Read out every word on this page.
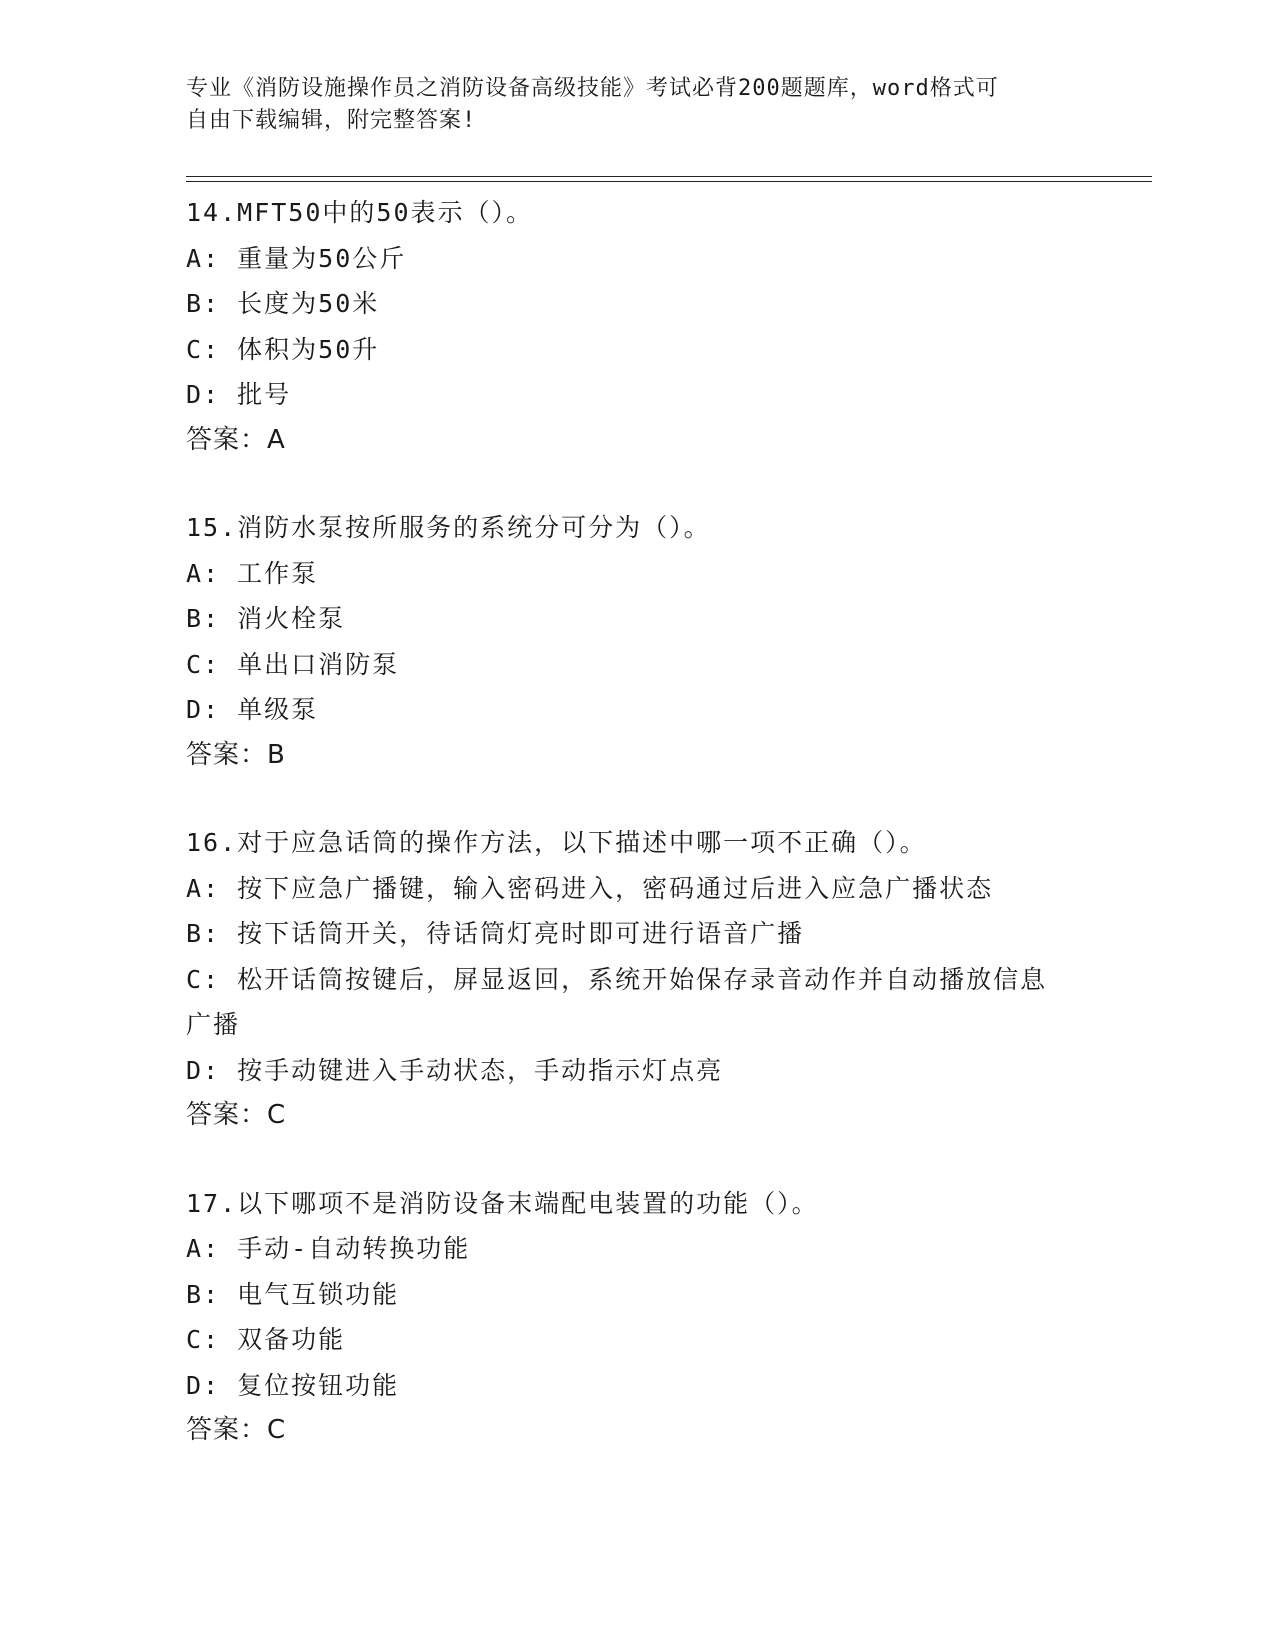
专业《消防设施操作员之消防设备高级技能》考试必背200题题库，word格式可
自由下载编辑，附完整答案!
14.MFT50中的50表示（）。
A: 重量为50公斤
B: 长度为50米
C: 体积为50升
D: 批号
答案：A
15.消防水泵按所服务的系统分可分为（）。
A: 工作泵
B: 消火栓泵
C: 单出口消防泵
D: 单级泵
答案：B
16.对于应急话筒的操作方法，以下描述中哪一项不正确（）。
A: 按下应急广播键，输入密码进入，密码通过后进入应急广播状态
B: 按下话筒开关，待话筒灯亮时即可进行语音广播
C: 松开话筒按键后，屏显返回，系统开始保存录音动作并自动播放信息广播
D: 按手动键进入手动状态，手动指示灯点亮
答案：C
17.以下哪项不是消防设备末端配电装置的功能（）。
A: 手动-自动转换功能
B: 电气互锁功能
C: 双备功能
D: 复位按钮功能
答案：C
